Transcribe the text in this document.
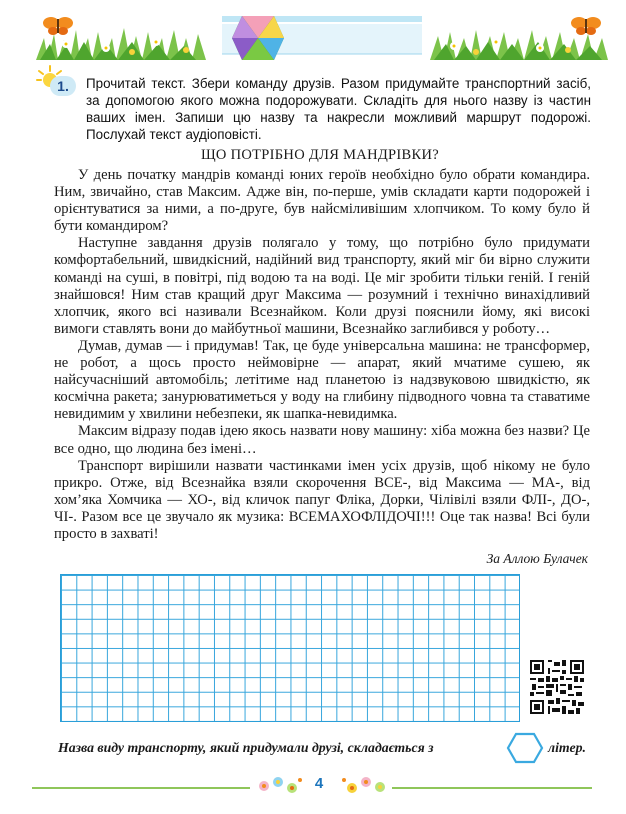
1.	Прочитай текст. Збери команду друзів. Разом придумайте транспортний засіб, за допомогою якого можна подорожувати. Складіть для нього назву із частин ваших імен. Запиши цю назву та накресли можливий маршрут подорожі. Послухай текст аудіоповісті.
ЩО ПОТРІБНО ДЛЯ МАНДРІВКИ?

У день початку мандрів команді юних героїв необхідно було обрати командира. Ним, звичайно, став Максим. Адже він, по-перше, умів складати карти подорожей і орієнтуватися за ними, а по-друге, був найсміливішим хлопчиком. То кому було й бути командиром?

Наступне завдання друзів полягало у тому, що потрібно було придумати комфортабельний, швидкісний, надійний вид транспорту, який міг би вірно служити команді на суші, в повітрі, під водою та на воді. Це міг зробити тільки геній. І геній знайшовся! Ним став кращий друг Максима — розумний і технічно винахідливий хлопчик, якого всі називали Всезнайком. Коли друзі пояснили йому, які високі вимоги ставлять вони до майбутньої машини, Всезнайко заглибився у роботу…

Думав, думав — і придумав! Так, це буде універсальна машина: не трансформер, не робот, а щось просто неймовірне — апарат, який мчатиме сушею, як найсучасніший автомобіль; летітиме над планетою із надзвуковою швидкістю, як космічна ракета; занурюватиметься у воду на глибину підводного човна та ставатиме невидимим у хвилини небезпеки, як шапка-невидимка.

Максим відразу подав ідею якось назвати нову машину: хіба можна без назви? Це все одно, що людина без імені…

Транспорт вирішили назвати частинками імен усіх друзів, щоб нікому не було прикро. Отже, від Всезнайка взяли скорочення ВСЕ-, від Максима — МА-, від хом’яка Хомчика — ХО-, від кличок папуг Фліка, Дорки, Чілівілі взяли ФЛІ-, ДО-, ЧІ-. Разом все це звучало як музика: ВСЕМАХОФЛІДОЧІ!!! Оце так назва! Всі були просто в захваті!

За Аллою Булачек
Назва виду транспорту, який придумали друзі, складається з	літер.
4
